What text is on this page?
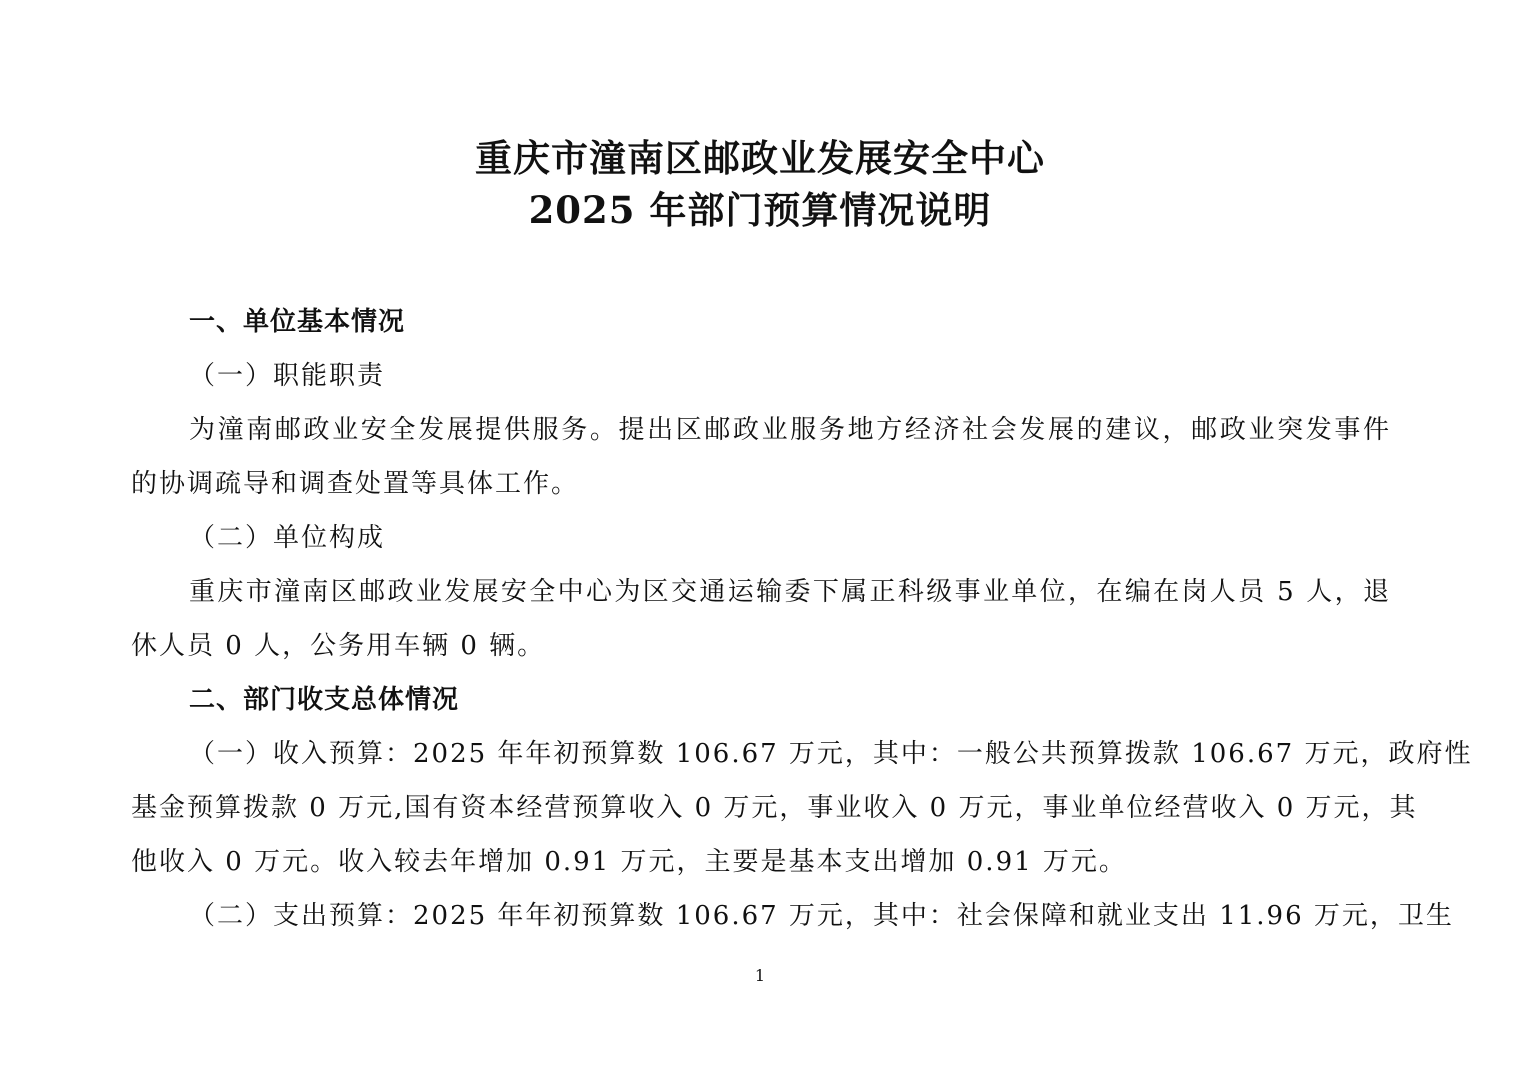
重庆市潼南区邮政业发展安全中心
2025 年部门预算情况说明
一、单位基本情况
（一）职能职责
为潼南邮政业安全发展提供服务。提出区邮政业服务地方经济社会发展的建议，邮政业突发事件
的协调疏导和调查处置等具体工作。
（二）单位构成
重庆市潼南区邮政业发展安全中心为区交通运输委下属正科级事业单位，在编在岗人员 5 人，退
休人员 0 人，公务用车辆 0 辆。
二、部门收支总体情况
（一）收入预算：2025 年年初预算数 106.67 万元，其中：一般公共预算拨款 106.67 万元，政府性
基金预算拨款 0 万元,国有资本经营预算收入 0 万元，事业收入 0 万元，事业单位经营收入 0 万元，其
他收入 0 万元。收入较去年增加 0.91 万元，主要是基本支出增加 0.91 万元。
（二）支出预算：2025 年年初预算数 106.67 万元，其中：社会保障和就业支出 11.96 万元，卫生
1
